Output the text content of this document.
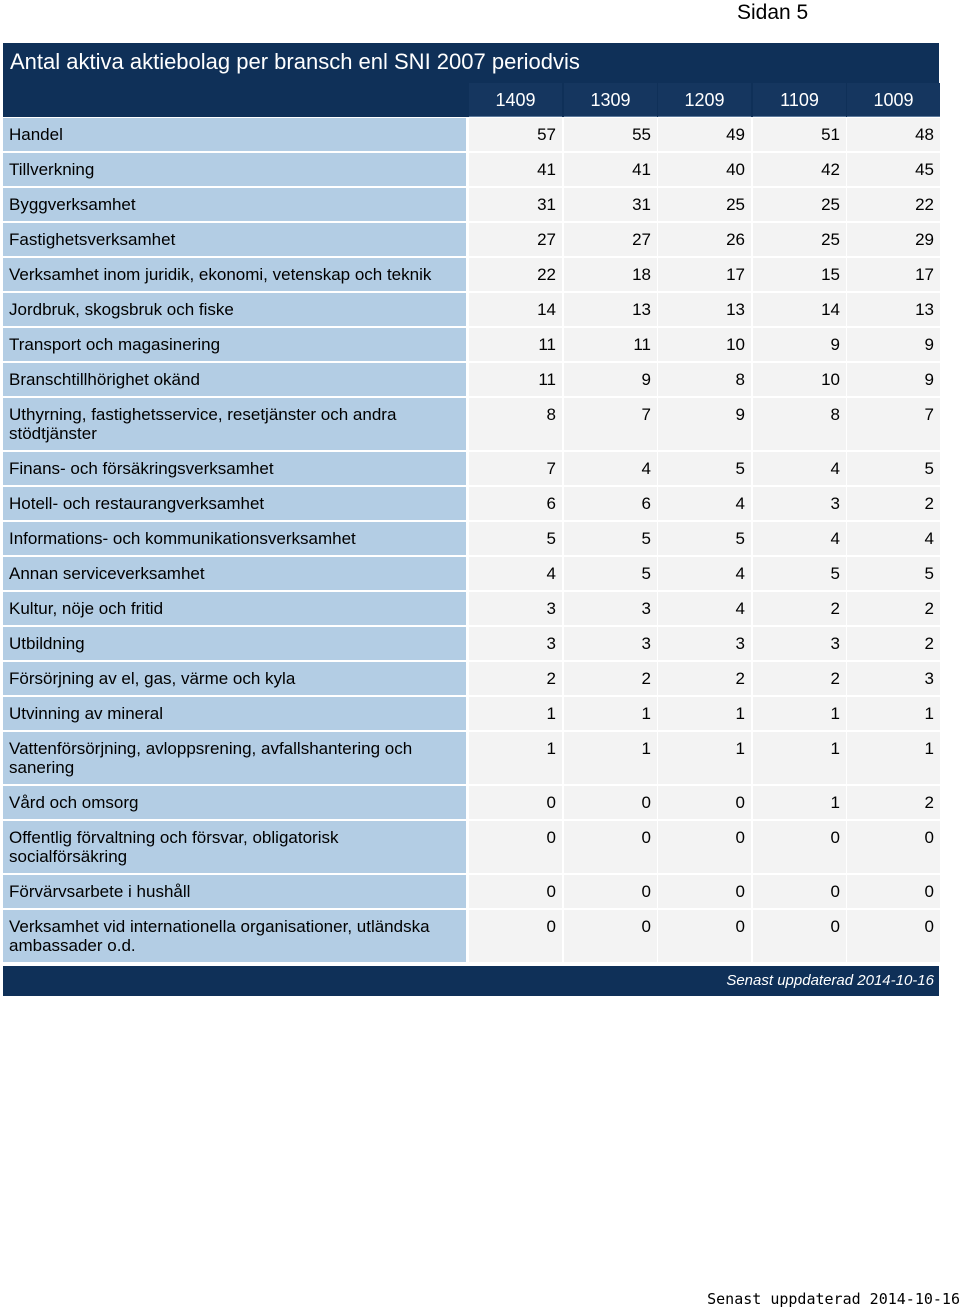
Sidan 5
Antal aktiva aktiebolag per bransch enl SNI 2007 periodvis
1409	1309	1209	1109	1009
Handel	57	55	49	51	48
Tillverkning	41	41	40	42	45
Byggverksamhet	31	31	25	25	22
Fastighetsverksamhet	27	27	26	25	29
Verksamhet inom juridik, ekonomi, vetenskap och teknik	22	18	17	15	17
Jordbruk, skogsbruk och fiske	14	13	13	14	13
Transport och magasinering	11	11	10	9	9
Branschtillhörighet okänd	11	9	8	10	9
Uthyrning, fastighetsservice, resetjänster och andra stödtjänster
8	7	9	8	7
Finans- och försäkringsverksamhet	7	4	5	4	5
Hotell- och restaurangverksamhet	6	6	4	3	2
Informations- och kommunikationsverksamhet	5	5	5	4	4
Annan serviceverksamhet	4	5	4	5	5
Kultur, nöje och fritid	3	3	4	2	2
Utbildning	3	3	3	3	2
Försörjning av el, gas, värme och kyla	2	2	2	2	3
Utvinning av mineral	1	1	1	1	1
Vattenförsörjning, avloppsrening, avfallshantering och sanering
1	1	1	1	1
Vård och omsorg	0	0	0	1	2
Offentlig förvaltning och försvar, obligatorisk socialförsäkring
0	0	0	0	0
Förvärvsarbete i hushåll	0	0	0	0	0
Verksamhet vid internationella organisationer, utländska ambassader o.d.
0	0	0	0	0
Senast uppdaterad 2014-10-16
Senast uppdaterad 2014-10-16
